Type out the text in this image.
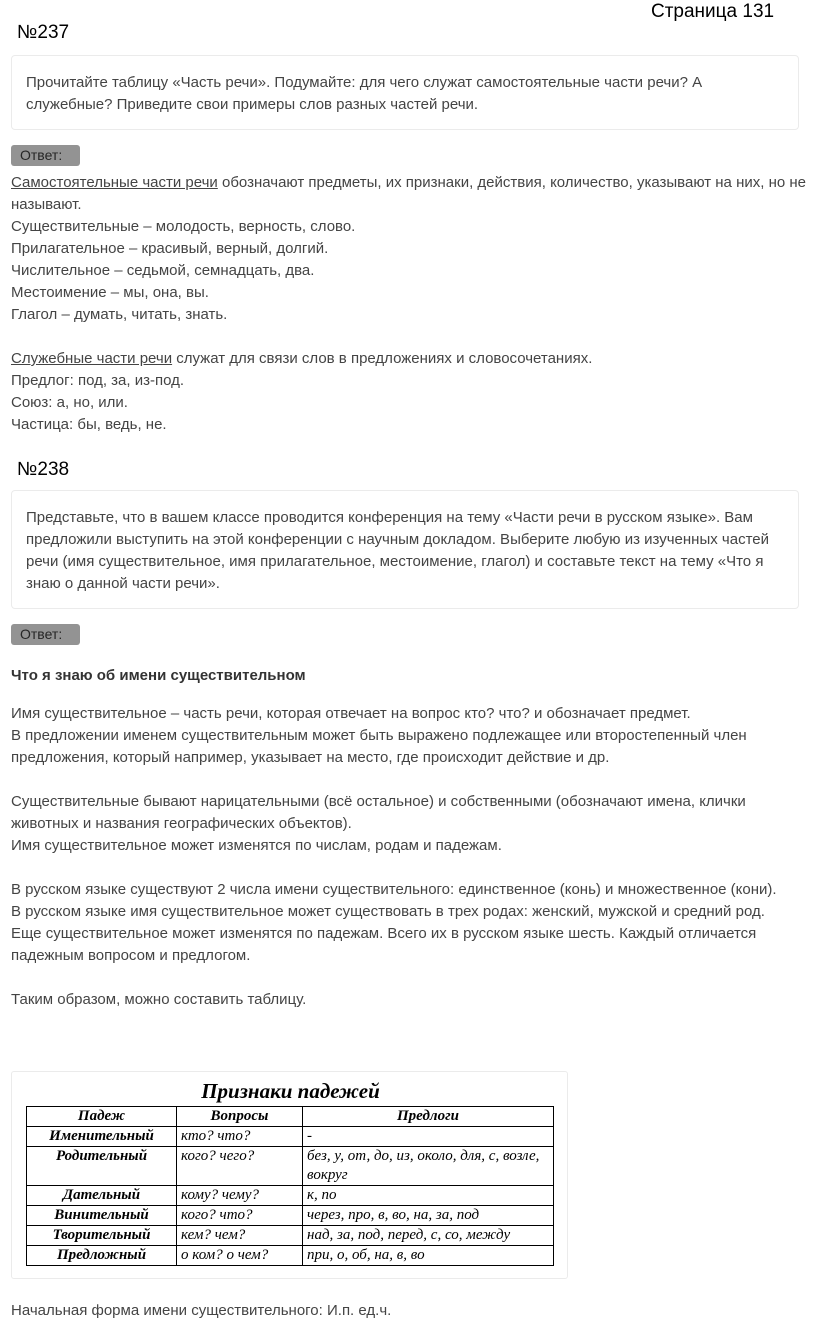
Страница 131
№237
Прочитайте таблицу «Часть речи». Подумайте: для чего служат самостоятельные части речи? А служебные? Приведите свои примеры слов разных частей речи.
Ответ:

Самостоятельные части речи обозначают предметы, их признаки, действия, количество, указывают на них, но не называют.

Существительные – молодость, верность, слово.

Прилагательное – красивый, верный, долгий.

Числительное – седьмой, семнадцать, два.

Местоимение – мы, она, вы.

Глагол – думать, читать, знать.

Служебные части речи служат для связи слов в предложениях и словосочетаниях.

Предлог: под, за, из-под.

Союз: а, но, или.

Частица: бы, ведь, не.

№238
Представьте, что в вашем классе проводится конференция на тему «Части речи в русском языке». Вам предложили выступить на этой конференции с научным докладом. Выберите любую из изученных частей речи (имя существительное, имя прилагательное, местоимение, глагол) и составьте текст на тему «Что я знаю о данной части речи».
Ответ:
Что я знаю об имени существительном

Имя существительное – часть речи, которая отвечает на вопрос кто? что? и обозначает предмет.

В предложении именем существительным может быть выражено подлежащее или второстепенный член предложения, который например, указывает на место, где происходит действие и др.

Существительные бывают нарицательными (всё остальное) и собственными (обозначают имена, клички животных и названия географических объектов).

Имя существительное может изменятся по числам, родам и падежам.

В русском языке существуют 2 числа имени существительного: единственное (конь) и множественное (кони).

В русском языке имя существительное может существовать в трех родах: женский, мужской и средний род.

Еще существительное может изменятся по падежам. Всего их в русском языке шесть. Каждый отличается падежным вопросом и предлогом.

Таким образом, можно составить таблицу.

Признаки падежей
Падеж	Вопросы	Предлоги
Именительный	кто? что?	-
Родительный	кого? чего?	без, у, от, до, из, около, для, с, возле, вокруг
Дательный	кому? чему?	к, по
Винительный	кого? что?	через, про, в, во, на, за, под
Творительный	кем? чем?	над, за, под, перед, с, со, между
Предложный	о ком? о чем?	при, о, об, на, в, во
Начальная форма имени существительного: И.п. ед.ч.
